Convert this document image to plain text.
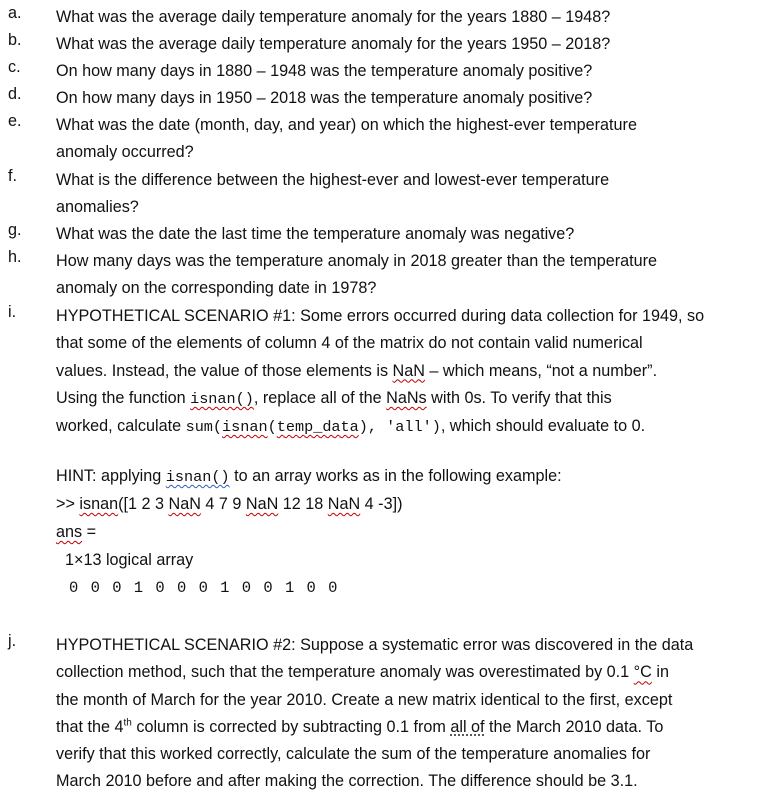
a.	What was the average daily temperature anomaly for the years 1880 – 1948?
b.	What was the average daily temperature anomaly for the years 1950 – 2018?
c.	On how many days in 1880 – 1948 was the temperature anomaly positive?
d.	On how many days in 1950 – 2018 was the temperature anomaly positive?
e.	What was the date (month, day, and year) on which the highest-ever temperature
anomaly occurred?
f.	What is the difference between the highest-ever and lowest-ever temperature
anomalies?
g.	What was the date the last time the temperature anomaly was negative?
h.	How many days was the temperature anomaly in 2018 greater than the temperature
anomaly on the corresponding date in 1978?
i.	HYPOTHETICAL SCENARIO #1: Some errors occurred during data collection for 1949, so
that some of the elements of column 4 of the matrix do not contain valid numerical
values. Instead, the value of those elements is NaN – which means, “not a number”.
Using the function isnan(), replace all of the NaNs with 0s. To verify that this
worked, calculate sum(isnan(temp_data), 'all'), which should evaluate to 0.
HINT: applying isnan() to an array works as in the following example:
>> isnan([1 2 3 NaN 4 7 9 NaN 12 18 NaN 4 -3])
ans =
1×13 logical array
0 0 0 1 0 0 0 1 0 0 1 0 0
j.	HYPOTHETICAL SCENARIO #2: Suppose a systematic error was discovered in the data
collection method, such that the temperature anomaly was overestimated by 0.1 °C in
the month of March for the year 2010. Create a new matrix identical to the first, except
that the 4th column is corrected by subtracting 0.1 from all of the March 2010 data. To
verify that this worked correctly, calculate the sum of the temperature anomalies for
March 2010 before and after making the correction. The difference should be 3.1.
